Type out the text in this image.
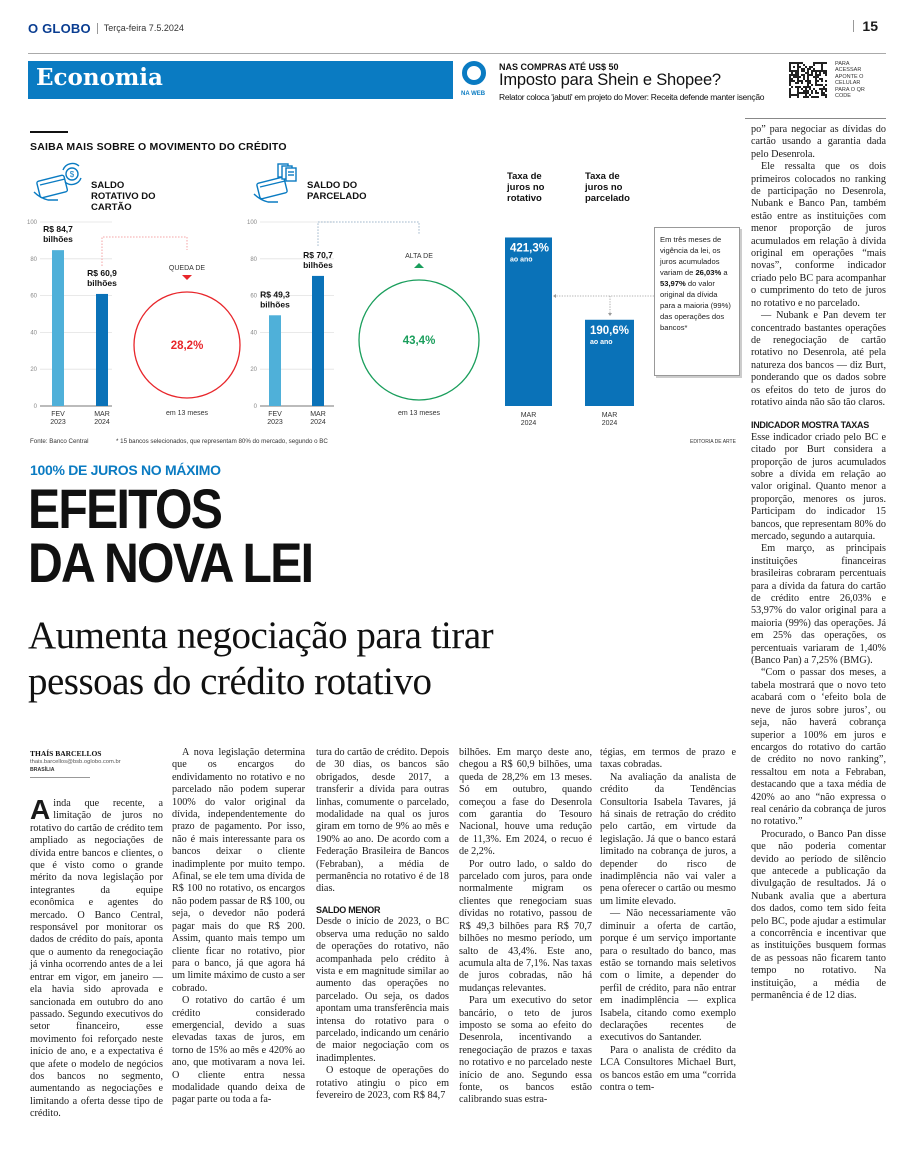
O GLOBO Terça-feira 7.5.2024	15
Economia
NA WEB
NAS COMPRAS ATÉ US$ 50
Imposto para Shein e Shopee?
Relator coloca 'jabuti' em projeto do Mover: Receita defende manter isenção
PARA ACESSAR APONTE O CELULAR PARA O QR CODE
SAIBA MAIS SOBRE O MOVIMENTO DO CRÉDITO
$
SALDO ROTATIVO DO CARTÃO
SALDO DO PARCELADO
0
20
40
60
80
100
R$ 84,7
bilhões
FEV
2023
R$ 60,9
bilhões
MAR
2024
QUEDA DE
28,2%
em 13 meses
0
20
40
60
80
100
R$ 49,3
bilhões
FEV
2023
R$ 70,7
bilhões
MAR
2024
ALTA DE
43,4%
em 13 meses
421,3%
ao ano
MAR
2024
190,6%
ao ano
MAR
2024
Taxa de
juros no
rotativo
Taxa de
juros no
parcelado
Em três meses de vigência da lei, os juros acumulados variam de 26,03% a 53,97% do valor original da dívida para a maioria (99%) das operações dos bancos*
Fonte: Banco Central	* 15 bancos selecionados, que representam 80% do mercado, segundo o BC	EDITORIA DE ARTE
100% DE JUROS NO MÁXIMO
EFEITOS
DA NOVA LEI
Aumenta negociação para tirar pessoas do crédito rotativo
THAÍS BARCELLOS
thais.barcellos@bsb.oglobo.com.br
BRASÍLIA

Ainda que recente, a limitação de juros no rotativo do cartão de crédito tem ampliado as negociações de dívida entre bancos e clientes, o que é visto como o grande mérito da nova legislação por integrantes da equipe econômica e agentes do mercado. O Banco Central, responsável por monitorar os dados de crédito do país, aponta que o aumento da renegociação já vinha ocorrendo antes de a lei entrar em vigor, em janeiro — ela havia sido aprovada e sancionada em outubro do ano passado. Segundo executivos do setor financeiro, esse movimento foi reforçado neste início de ano, e a expectativa é que afete o modelo de negócios dos bancos no segmento, aumentando as negociações e limitando a oferta desse tipo de crédito.

A nova legislação determina que os encargos do endividamento no rotativo e no parcelado não podem superar 100% do valor original da dívida, independentemente do prazo de pagamento. Por isso, não é mais interessante para os bancos deixar o cliente inadimplente por muito tempo. Afinal, se ele tem uma dívida de R$ 100 no rotativo, os encargos não podem passar de R$ 100, ou seja, o devedor não poderá pagar mais do que R$ 200. Assim, quanto mais tempo um cliente ficar no rotativo, pior para o banco, já que agora há um limite máximo de custo a ser cobrado.

O rotativo do cartão é um crédito considerado emergencial, devido a suas elevadas taxas de juros, em torno de 15% ao mês e 420% ao ano, que motivaram a nova lei. O cliente entra nessa modalidade quando deixa de pagar parte ou toda a fa-

tura do cartão de crédito. Depois de 30 dias, os bancos são obrigados, desde 2017, a transferir a dívida para outras linhas, comumente o parcelado, modalidade na qual os juros giram em torno de 9% ao mês e 190% ao ano. De acordo com a Federação Brasileira de Bancos (Febraban), a média de permanência no rotativo é de 18 dias.

SALDO MENOR

Desde o início de 2023, o BC observa uma redução no saldo de operações do rotativo, não acompanhada pelo crédito à vista e em magnitude similar ao aumento das operações no parcelado. Ou seja, os dados apontam uma transferência mais intensa do rotativo para o parcelado, indicando um cenário de maior negociação com os inadimplentes.

O estoque de operações do rotativo atingiu o pico em fevereiro de 2023, com R$ 84,7

bilhões. Em março deste ano, chegou a R$ 60,9 bilhões, uma queda de 28,2% em 13 meses. Só em outubro, quando começou a fase do Desenrola com garantia do Tesouro Nacional, houve uma redução de 11,3%. Em 2024, o recuo é de 2,2%.

Por outro lado, o saldo do parcelado com juros, para onde normalmente migram os clientes que renegociam suas dívidas no rotativo, passou de R$ 49,3 bilhões para R$ 70,7 bilhões no mesmo período, um salto de 43,4%. Este ano, acumula alta de 7,1%. Nas taxas de juros cobradas, não há mudanças relevantes.

Para um executivo do setor bancário, o teto de juros imposto se soma ao efeito do Desenrola, incentivando a renegociação de prazos e taxas no rotativo e no parcelado neste início de ano. Segundo essa fonte, os bancos estão calibrando suas estra-

tégias, em termos de prazo e taxas cobradas.

Na avaliação da analista de crédito da Tendências Consultoria Isabela Tavares, já há sinais de retração do crédito pelo cartão, em virtude da legislação. Já que o banco estará limitado na cobrança de juros, a depender do risco de inadimplência não vai valer a pena oferecer o cartão ou mesmo um limite elevado.

— Não necessariamente vão diminuir a oferta de cartão, porque é um serviço importante para o resultado do banco, mas estão se tornando mais seletivos com o limite, a depender do perfil de crédito, para não entrar em inadimplência — explica Isabela, citando como exemplo declarações recentes de executivos do Santander.

Para o analista de crédito da LCA Consultores Michael Burt, os bancos estão em uma “corrida contra o tem-

po” para negociar as dívidas do cartão usando a garantia dada pelo Desenrola.

Ele ressalta que os dois primeiros colocados no ranking de participação no Desenrola, Nubank e Banco Pan, também estão entre as instituições com menor proporção de juros acumulados em relação à dívida original em operações “mais novas”, conforme indicador criado pelo BC para acompanhar o cumprimento do teto de juros no rotativo e no parcelado.

— Nubank e Pan devem ter concentrado bastantes operações de renegociação de cartão rotativo no Desenrola, até pela natureza dos bancos — diz Burt, ponderando que os dados sobre os efeitos do teto de juros do rotativo ainda não são tão claros.

INDICADOR MOSTRA TAXAS

Esse indicador criado pelo BC e citado por Burt considera a proporção de juros acumulados sobre a dívida em relação ao valor original. Quanto menor a proporção, menores os juros. Participam do indicador 15 bancos, que representam 80% do mercado, segundo a autarquia.

Em março, as principais instituições financeiras brasileiras cobraram percentuais para a dívida da fatura do cartão de crédito entre 26,03% e 53,97% do valor original para a maioria (99%) das operações. Já em 25% das operações, os percentuais variaram de 1,40% (Banco Pan) a 7,25% (BMG).

“Com o passar dos meses, a tabela mostrará que o novo teto acabará com o ‘efeito bola de neve de juros sobre juros’, ou seja, não haverá cobrança superior a 100% em juros e encargos do rotativo do cartão de crédito no novo ranking”, ressaltou em nota a Febraban, destacando que a taxa média de 420% ao ano “não expressa o real cenário da cobrança de juros no rotativo.”

Procurado, o Banco Pan disse que não poderia comentar devido ao período de silêncio que antecede a publicação da divulgação de resultados. Já o Nubank avalia que a abertura dos dados, como tem sido feita pelo BC, pode ajudar a estimular a concorrência e incentivar que as instituições busquem formas de as pessoas não ficarem tanto tempo no rotativo. Na instituição, a média de permanência é de 12 dias.
